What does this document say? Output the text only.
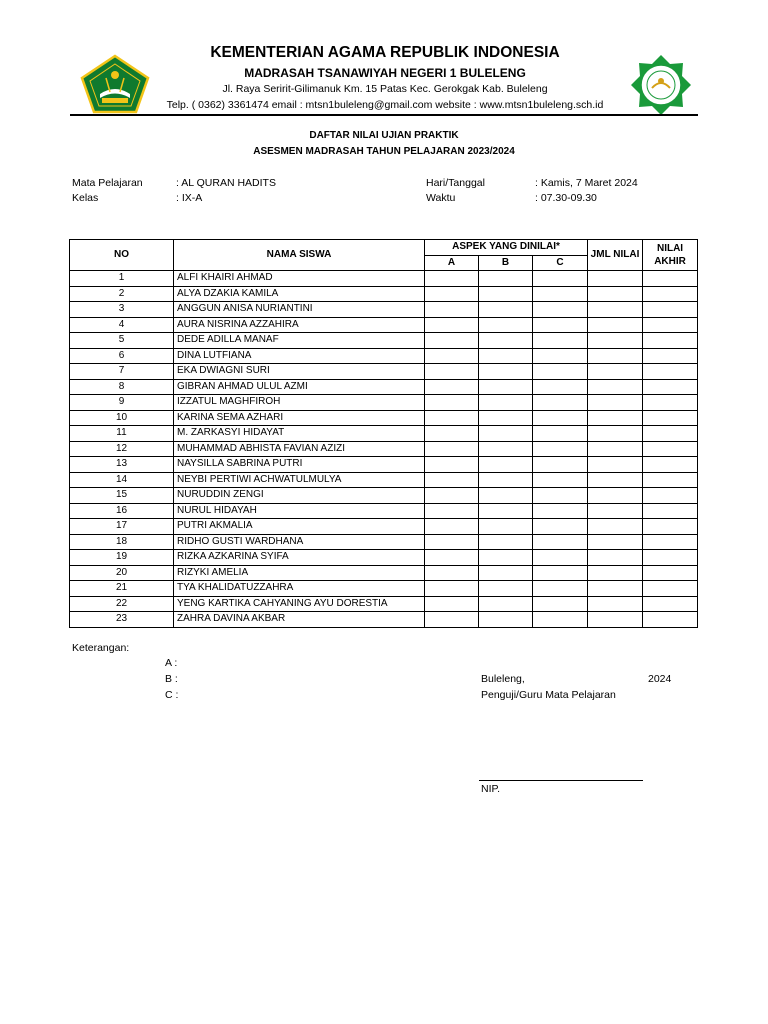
KEMENTERIAN AGAMA REPUBLIK INDONESIA
MADRASAH TSANAWIYAH NEGERI 1 BULELENG
Jl. Raya Seririt-Gilimanuk Km. 15 Patas Kec. Gerokgak Kab. Buleleng
Telp. ( 0362) 3361474 email : mtsn1buleleng@gmail.com website : www.mtsn1buleleng.sch.id
DAFTAR NILAI UJIAN PRAKTIK
ASESMEN MADRASAH TAHUN PELAJARAN 2023/2024
Mata Pelajaran	: AL QURAN HADITS
Kelas	: IX-A
Hari/Tanggal	: Kamis, 7 Maret 2024
Waktu	: 07.30-09.30
NO	NAMA SISWA	ASPEK YANG DINILAI*			JML NILAI	NILAI
AKHIR
		A	B	C		
1	ALFI KHAIRI AHMAD					
2	ALYA DZAKIA KAMILA					
3	ANGGUN ANISA NURIANTINI					
4	AURA NISRINA AZZAHIRA					
5	DEDE ADILLA MANAF					
6	DINA LUTFIANA					
7	EKA DWIAGNI SURI					
8	GIBRAN AHMAD ULUL AZMI					
9	IZZATUL MAGHFIROH					
10	KARINA SEMA AZHARI					
11	M. ZARKASYI HIDAYAT					
12	MUHAMMAD ABHISTA FAVIAN AZIZI					
13	NAYSILLA SABRINA PUTRI					
14	NEYBI PERTIWI ACHWATULMULYA					
15	NURUDDIN ZENGI					
16	NURUL HIDAYAH					
17	PUTRI AKMALIA					
18	RIDHO GUSTI WARDHANA					
19	RIZKA AZKARINA SYIFA					
20	RIZYKI AMELIA					
21	TYA KHALIDATUZZAHRA					
22	YENG KARTIKA CAHYANING AYU DORESTIA					
23	ZAHRA DAVINA AKBAR					
Keterangan:
A :
B :
C :
Buleleng,	2024
Penguji/Guru Mata Pelajaran
NIP.
